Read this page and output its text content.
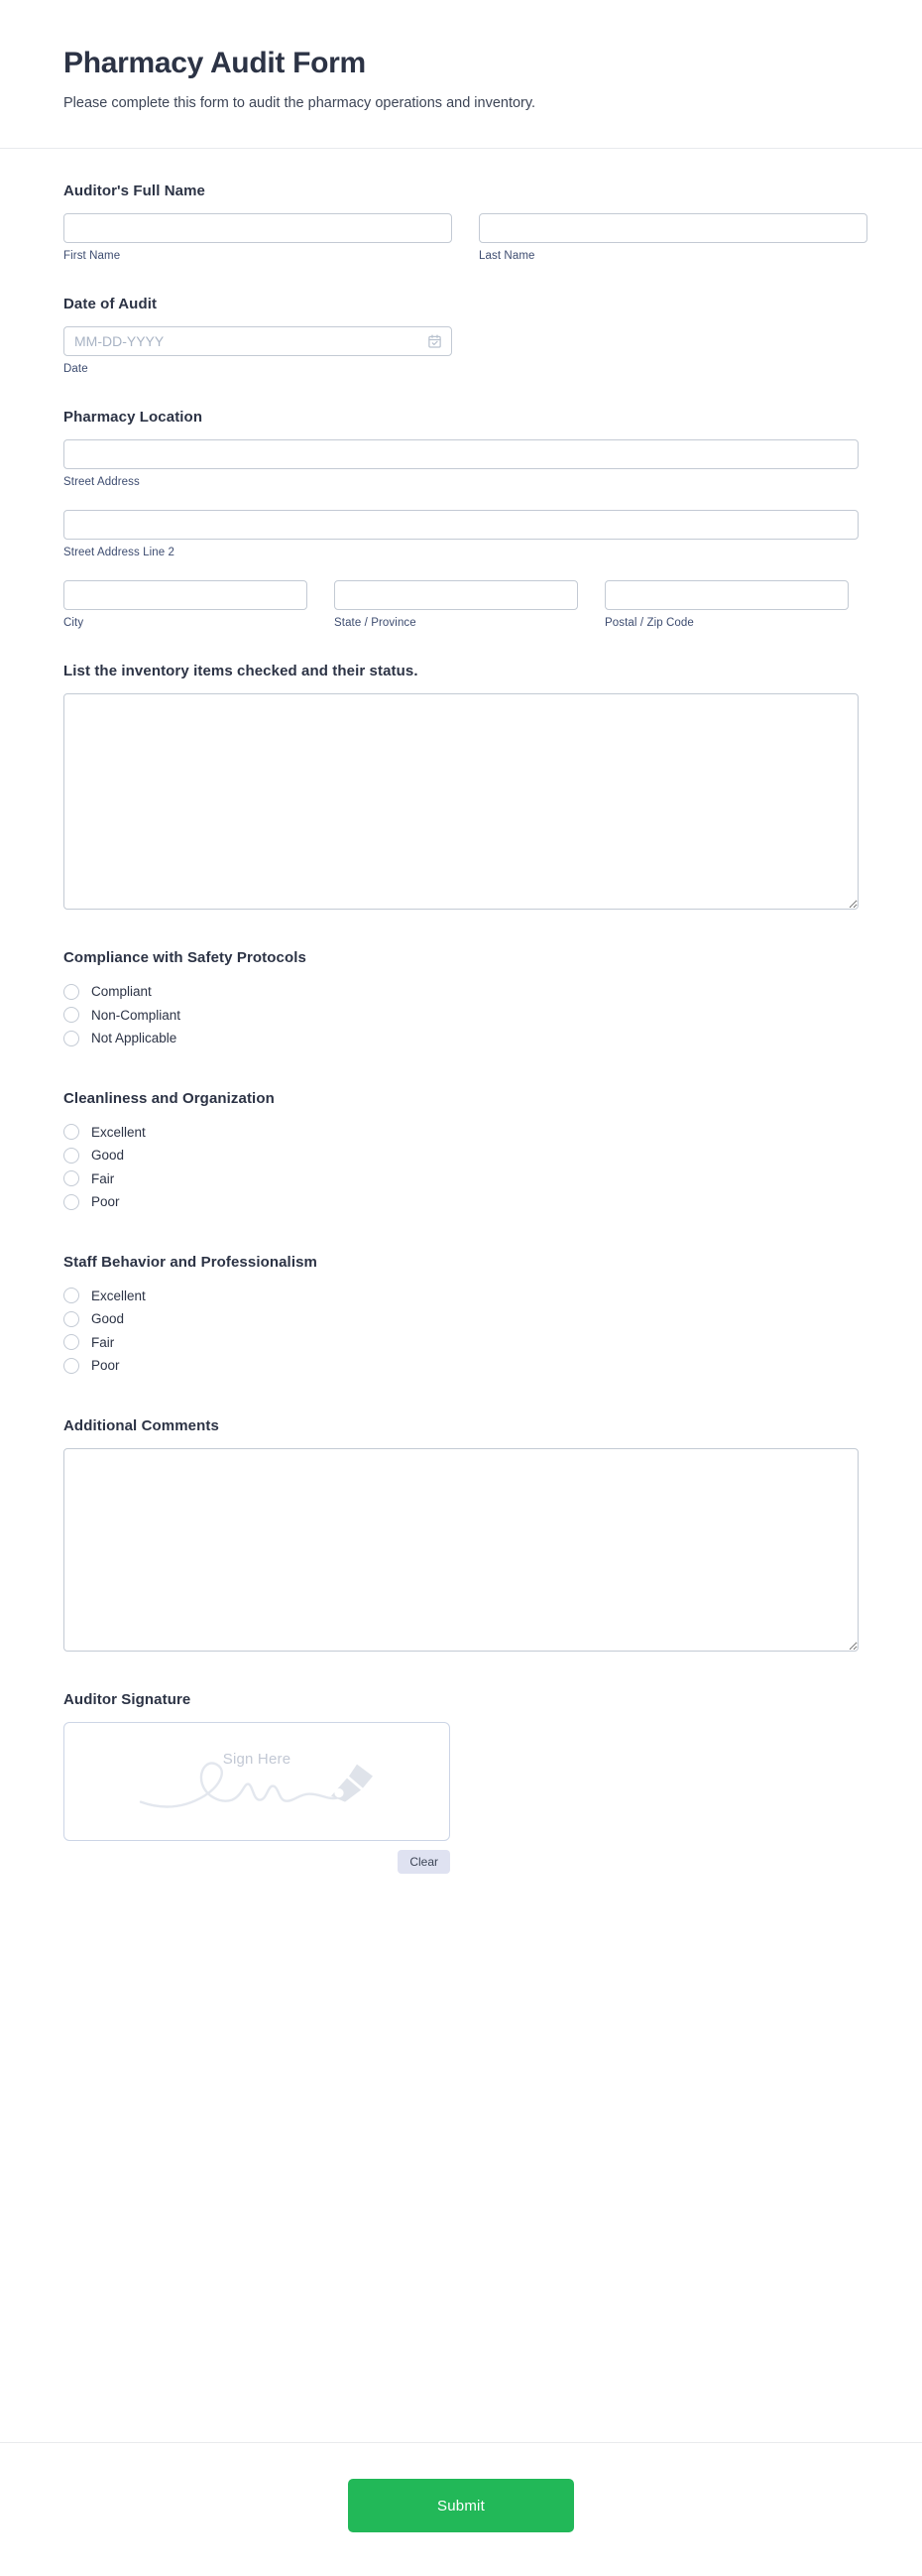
Pharmacy Audit Form

Please complete this form to audit the pharmacy operations and inventory.

Auditor's Full Name
First Name	Last Name
Date of Audit
MM-DD-YYYY
Date
Pharmacy Location
Street Address
Street Address Line 2
City	State / Province	Postal / Zip Code
List the inventory items checked and their status.
Compliance with Safety Protocols
Compliant
Non-Compliant
Not Applicable
Cleanliness and Organization
Excellent
Good
Fair
Poor
Staff Behavior and Professionalism
Excellent
Good
Fair
Poor
Additional Comments
Auditor Signature
Sign Here
Clear
Submit
